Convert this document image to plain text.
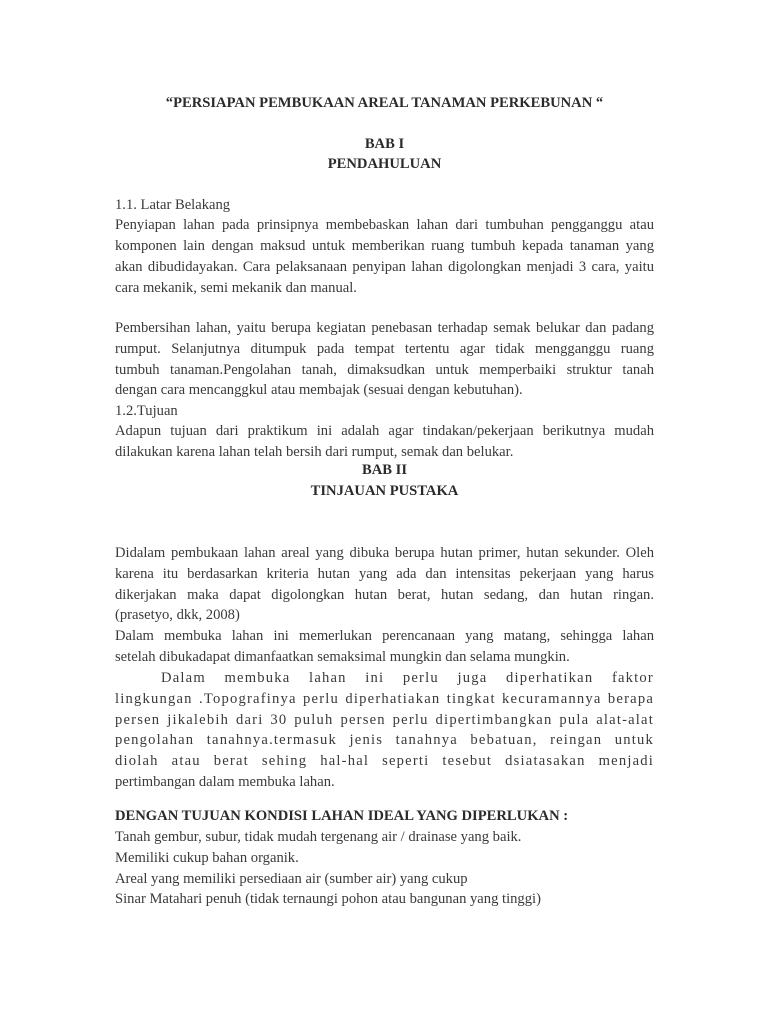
“PERSIAPAN PEMBUKAAN AREAL TANAMAN PERKEBUNAN “
BAB I
PENDAHULUAN
1.1. Latar Belakang
Penyiapan lahan pada prinsipnya membebaskan lahan dari tumbuhan pengganggu atau
komponen lain dengan maksud untuk memberikan ruang tumbuh kepada tanaman yang
akan dibudidayakan. Cara pelaksanaan penyipan lahan digolongkan menjadi 3 cara, yaitu
cara mekanik, semi mekanik dan manual.
Pembersihan lahan, yaitu berupa kegiatan penebasan terhadap semak belukar dan padang
rumput. Selanjutnya ditumpuk pada tempat tertentu agar tidak mengganggu ruang
tumbuh tanaman.Pengolahan tanah, dimaksudkan untuk memperbaiki struktur tanah
dengan cara mencanggkul atau membajak (sesuai dengan kebutuhan).
1.2.Tujuan
Adapun tujuan dari praktikum ini adalah agar tindakan/pekerjaan berikutnya mudah
dilakukan karena lahan telah bersih dari rumput, semak dan belukar.
BAB II
TINJAUAN PUSTAKA
Didalam pembukaan lahan areal yang dibuka berupa hutan primer, hutan sekunder. Oleh
karena itu berdasarkan kriteria hutan yang ada dan intensitas pekerjaan yang harus
dikerjakan maka dapat digolongkan hutan berat, hutan sedang, dan hutan ringan.
(prasetyo, dkk, 2008)
Dalam membuka lahan ini memerlukan perencanaan yang matang, sehingga lahan
setelah dibukadapat dimanfaatkan semaksimal mungkin dan selama mungkin.
Dalam membuka lahan ini perlu juga diperhatikan faktor
lingkungan .Topografinya perlu diperhatiakan tingkat kecuramannya berapa
persen jikalebih dari 30 puluh persen perlu dipertimbangkan pula alat-alat
pengolahan tanahnya.termasuk jenis tanahnya bebatuan, reingan untuk
diolah atau berat sehing hal-hal seperti tesebut dsiatasakan menjadi
pertimbangan dalam membuka lahan.
DENGAN TUJUAN KONDISI LAHAN IDEAL YANG DIPERLUKAN :
Tanah gembur, subur, tidak mudah tergenang air / drainase yang baik.
Memiliki cukup bahan organik.
Areal yang memiliki persediaan air (sumber air) yang cukup
Sinar Matahari penuh (tidak ternaungi pohon atau bangunan yang tinggi)
